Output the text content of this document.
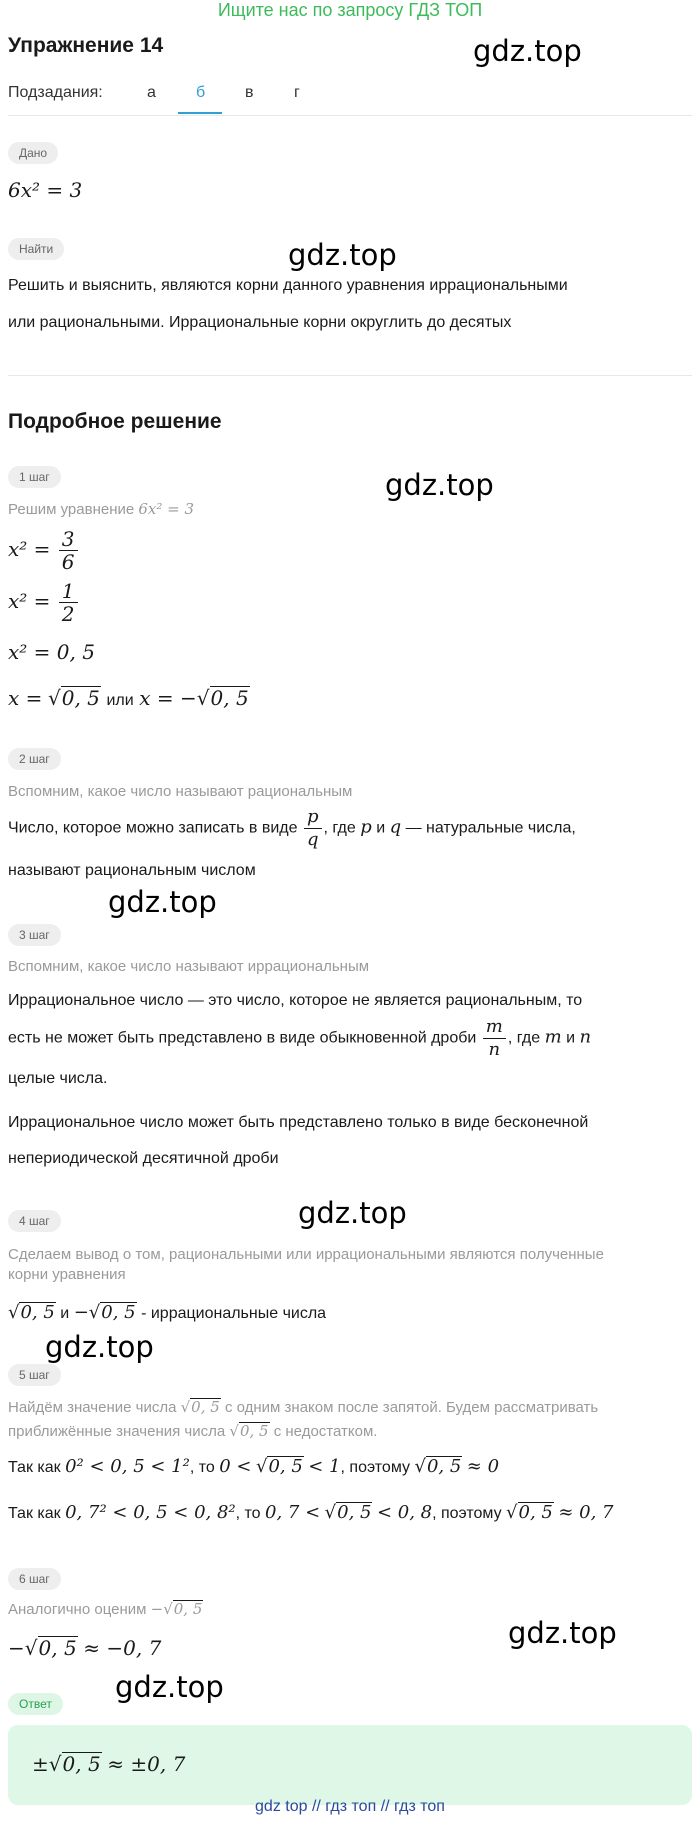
Ищите нас по запросу ГДЗ ТОП
Упражнение 14	gdz.top
Подзадания:	а	б в	г
Дано
6x² = 3
Найти	gdz.top
Решить и выяснить, являются корни данного уравнения иррациональными
или рациональными. Иррациональные корни округлить до десятых
Подробное решение
1 шаг	gdz.top
Решим уравнение 6x² = 3
$x^2 = \frac{3}{6}$
$x^2 = \frac{1}{2}$
x² = 0, 5
x = √0, 5 или x = −√0, 5
2 шаг
Вспомним, какое число называют рациональным
Число, которое можно записать в виде $\frac{p}{q}$ , где p и q — натуральные числа,
называют рациональным числом
gdz.top
3 шаг
Вспомним, какое число называют иррациональным
Иррациональное число — это число, которое не является рациональным, то
есть не может быть представлено в виде обыкновенной дроби $\frac{m}{n}$ , где m и n
целые числа.
Иррациональное число может быть представлено только в виде бесконечной
непериодической десятичной дроби
4 шаг	gdz.top
Сделаем вывод о том, рациональными или иррациональными являются полученные
корни уравнения
√0, 5 и −√0, 5 - иррациональные числа
gdz.top
5 шаг
Найдём значение числа √0, 5 с одним знаком после запятой. Будем рассматривать
приближённые значения числа √0, 5 с недостатком.
Так как 0² < 0, 5 < 1², то 0 < √0, 5 < 1, поэтому √0, 5 ≈ 0
Так как 0, 7² < 0, 5 < 0, 8², то 0, 7 < √0, 5 < 0, 8, поэтому √0, 5 ≈ 0, 7
6 шаг
Аналогично оценим −√0, 5
−√0, 5 ≈ −0, 7	gdz.top
gdz.top
Ответ
±√0, 5 ≈ ±0, 7
gdz top // гдз топ // гдз топ
